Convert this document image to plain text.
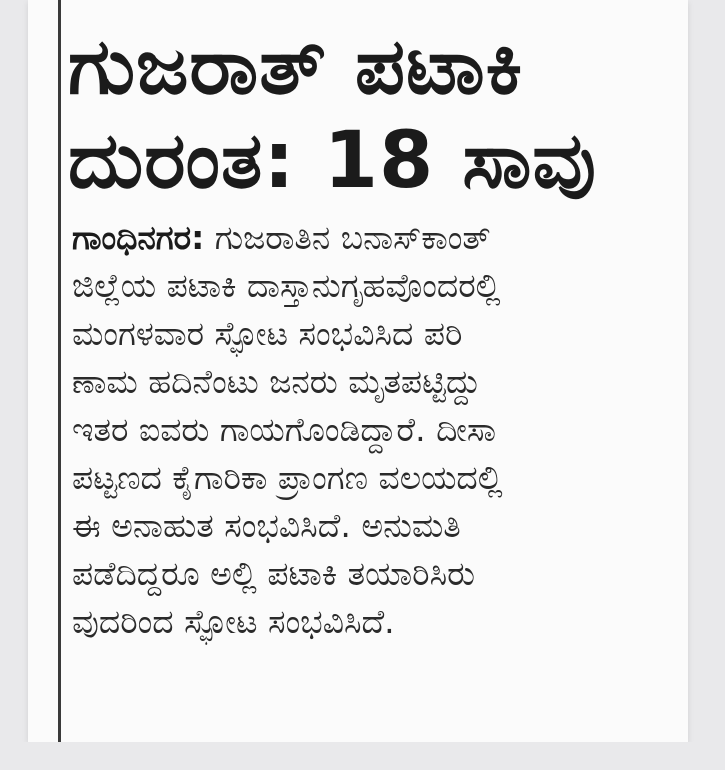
ಗುಜರಾತ್ ಪಟಾಕಿ
ದುರಂತ: 18 ಸಾವು
ಗಾಂಧಿನಗರ: ಗುಜರಾತಿನ ಬನಾಸ್‌ಕಾಂತ್
ಜಿಲ್ಲೆಯ ಪಟಾಕಿ ದಾಸ್ತಾನುಗೃಹವೊಂದರಲ್ಲಿ
ಮಂಗಳವಾರ ಸ್ಫೋಟ ಸಂಭವಿಸಿದ ಪರಿ
ಣಾಮ ಹದಿನೆಂಟು ಜನರು ಮೃತಪಟ್ಟಿದ್ದು
ಇತರ ಐವರು ಗಾಯಗೊಂಡಿದ್ದಾರೆ. ದೀಸಾ
ಪಟ್ಟಣದ ಕೈಗಾರಿಕಾ ಪ್ರಾಂಗಣ ವಲಯದಲ್ಲಿ
ಈ ಅನಾಹುತ ಸಂಭವಿಸಿದೆ. ಅನುಮತಿ
ಪಡೆದಿದ್ದರೂ ಅಲ್ಲಿ ಪಟಾಕಿ ತಯಾರಿಸಿರು
ವುದರಿಂದ ಸ್ಫೋಟ ಸಂಭವಿಸಿದೆ.
